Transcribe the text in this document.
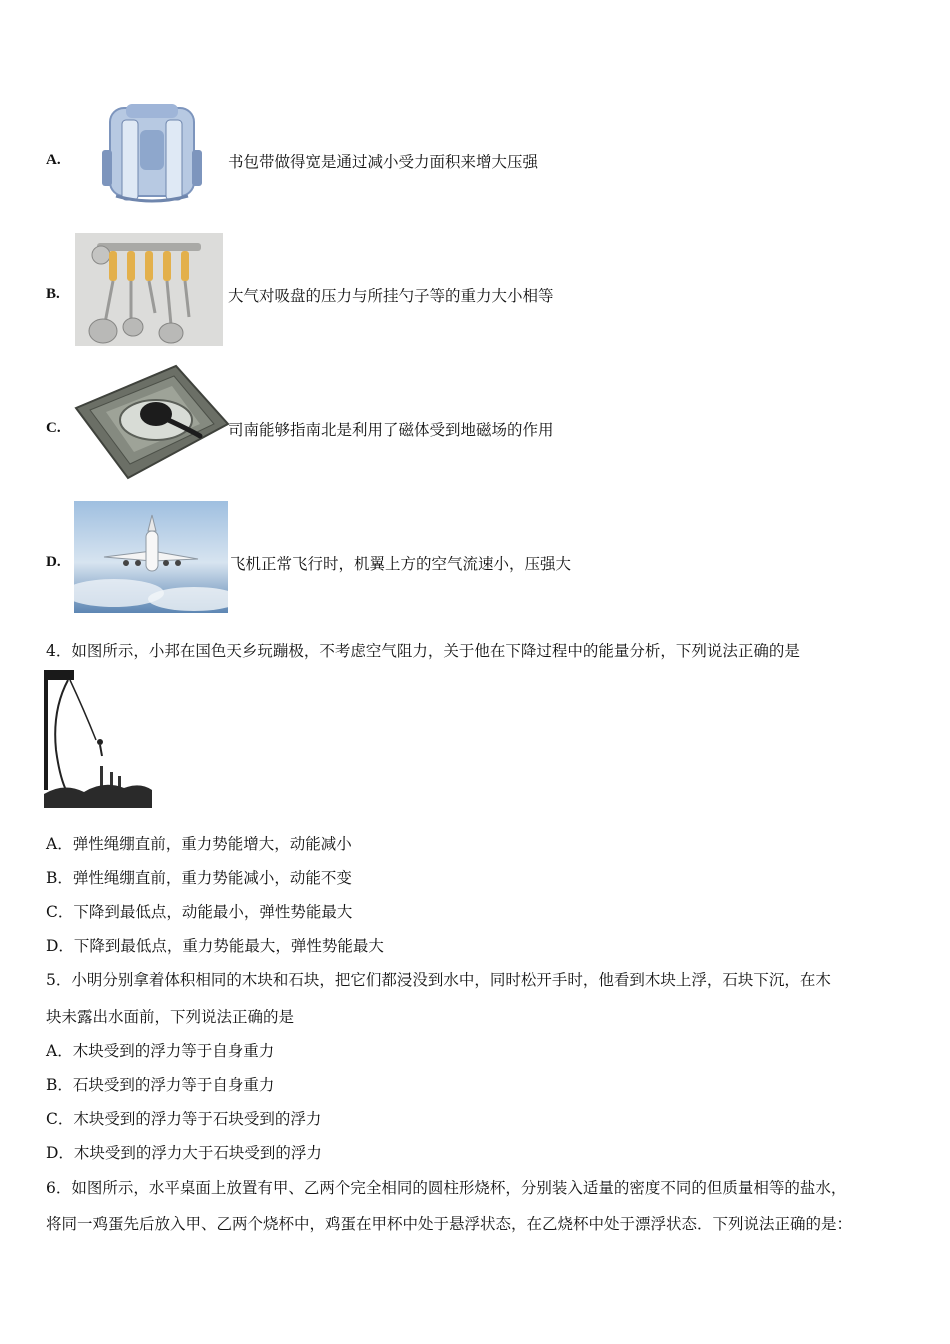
A.	书包带做得宽是通过减小受力面积来增大压强
B.	大气对吸盘的压力与所挂勺子等的重力大小相等
C.	司南能够指南北是利用了磁体受到地磁场的作用
D.	飞机正常飞行时，机翼上方的空气流速小，压强大
4．如图所示，小邦在国色天乡玩蹦极，不考虑空气阻力，关于他在下降过程中的能量分析，下列说法正确的是
A．弹性绳绷直前，重力势能增大，动能减小
B．弹性绳绷直前，重力势能减小，动能不变
C．下降到最低点，动能最小，弹性势能最大
D．下降到最低点，重力势能最大，弹性势能最大
5．小明分别拿着体积相同的木块和石块，把它们都浸没到水中，同时松开手时，他看到木块上浮，石块下沉，在木
块未露出水面前，下列说法正确的是
A．木块受到的浮力等于自身重力
B．石块受到的浮力等于自身重力
C．木块受到的浮力等于石块受到的浮力
D．木块受到的浮力大于石块受到的浮力
6．如图所示，水平桌面上放置有甲、乙两个完全相同的圆柱形烧杯，分别装入适量的密度不同的但质量相等的盐水，
将同一鸡蛋先后放入甲、乙两个烧杯中，鸡蛋在甲杯中处于悬浮状态，在乙烧杯中处于漂浮状态．下列说法正确的是：
